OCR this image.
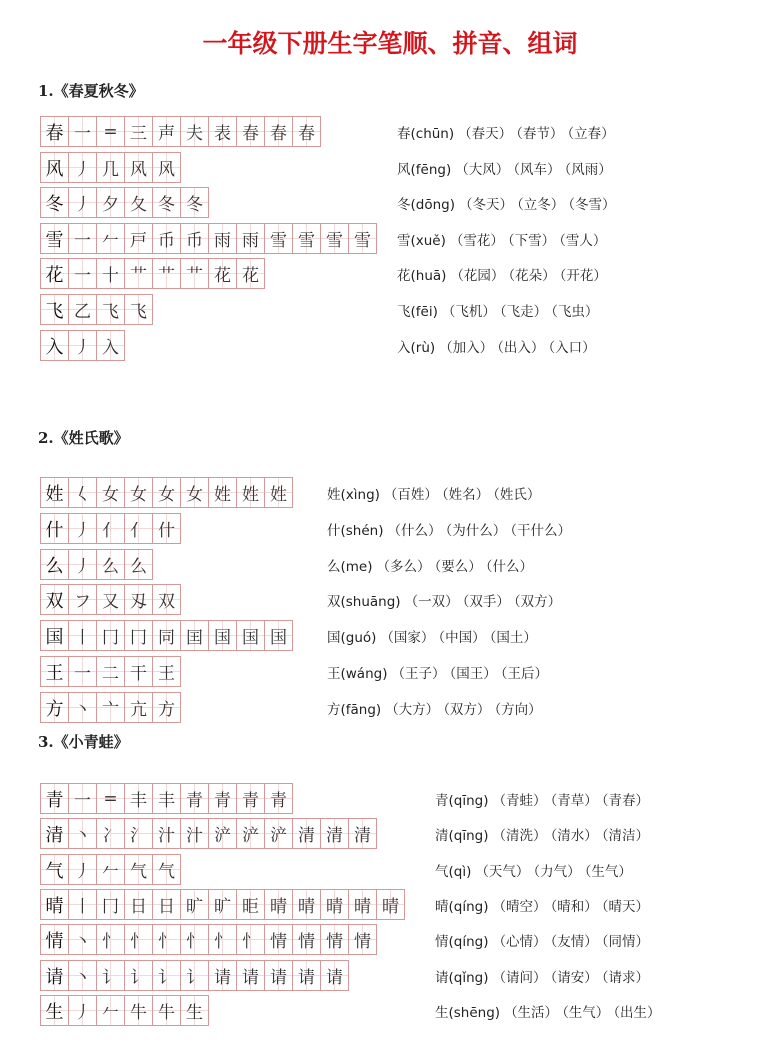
一年级下册生字笔顺、拼音、组词
1.《春夏秋冬》
春 一 = 三 声 夫 表 春 春 春	春(chūn) （春天） （春节） （立春）
风 丿 几 风 风	风(fēng) （大风） （风车） （风雨）
冬 丿 夕 夂 冬 冬	冬(dōng) （冬天） （立冬） （冬雪）
雪 一 𠂉 戸 币 币 雨 雨 雪 雪 雪 雪	雪(xuě) （雪花） （下雪） （雪人）
花 一 十 艹 艹 艹 花 花	花(huā) （花园） （花朵） （开花）
飞 乙 飞 飞	飞(fēi) （飞机） （飞走） （飞虫）
入 丿 入	入(rù) （加入） （出入） （入口）
2.《姓氏歌》
姓 𡿨 女 女 女 女 姓 姓 姓	姓(xìng) （百姓） （姓名） （姓氏）
什 丿 亻 亻 什	什(shén) （什么） （为什么） （干什么）
么 丿 么 么	么(me) （多么） （要么） （什么）
双 フ 又 刄 双	双(shuāng) （一双） （双手） （双方）
国 丨 冂 冂 同 囯 国 国 国	国(guó) （国家） （中国） （国土）
王 一 二 干 王	王(wáng) （王子） （国王） （王后）
方 丶 亠 亢 方	方(fāng) （大方） （双方） （方向）
3.《小青蛙》
青 一 = 丰 丰 青 青 青 青	青(qīng) （青蛙） （青草） （青春）
清 丶 冫 氵 汁 汁 浐 浐 浐 清 清 清	清(qīng) （清洗） （清水） （清洁）
气 丿 𠂉 气 气	气(qì) （天气） （力气） （生气）
晴 丨 冂 日 日 旷 旷 昛 晴 晴 晴 晴 晴	晴(qíng) （晴空） （晴和） （晴天）
情 丶 忄 忄 忄 忄 忄 忄 情 情 情 情	情(qíng) （心情） （友情） （同情）
请 丶 讠 讠 讠 讠 请 请 请 请 请	请(qǐng) （请问） （请安） （请求）
生 丿 𠂉 牛 牛 生	生(shēng) （生活） （生气） （出生）
